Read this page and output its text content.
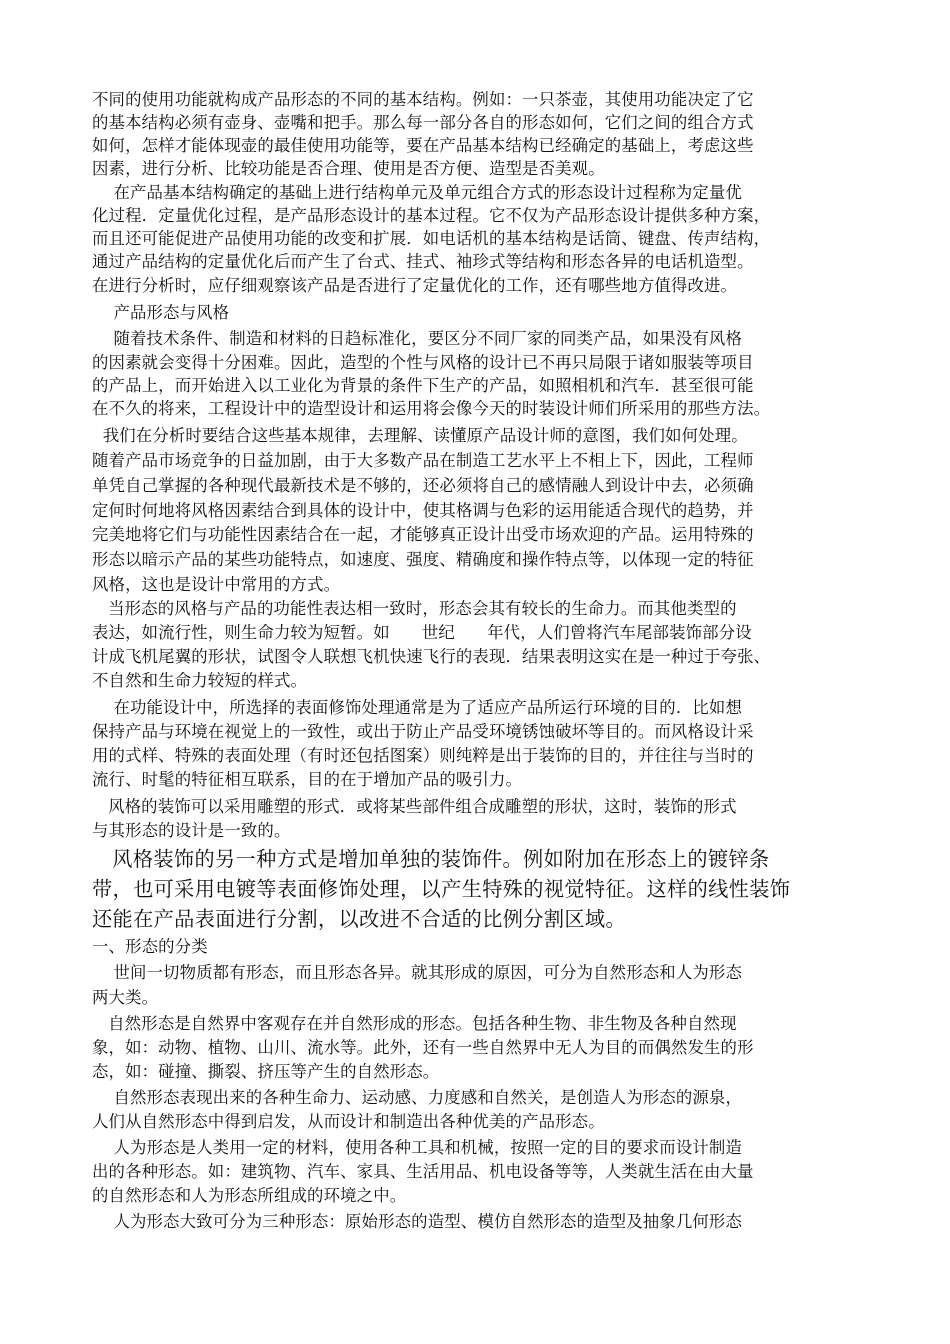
不同的使用功能就构成产品形态的不同的基本结构。例如：一只茶壶，其使用功能决定了它

的基本结构必须有壶身、壶嘴和把手。那么每一部分各自的形态如何，它们之间的组合方式

如何，怎样才能体现壶的最佳使用功能等，要在产品基本结构已经确定的基础上，考虑这些

因素，进行分析、比较功能是否合理、使用是否方便、造型是否美观。

在产品基本结构确定的基础上进行结构单元及单元组合方式的形态设计过程称为定量优

化过程．定量优化过程，是产品形态设计的基本过程。它不仅为产品形态设计提供多种方案，

而且还可能促进产品使用功能的改变和扩展．如电话机的基本结构是话筒、键盘、传声结构，

通过产品结构的定量优化后而产生了台式、挂式、袖珍式等结构和形态各异的电话机造型。

在进行分析时，应仔细观察该产品是否进行了定量优化的工作，还有哪些地方值得改进。

产品形态与风格

随着技术条件、制造和材料的日趋标准化，要区分不同厂家的同类产品，如果没有风格

的因素就会变得十分困难。因此，造型的个性与风格的设计已不再只局限于诸如服装等项目

的产品上，而开始进入以工业化为背景的条件下生产的产品，如照相机和汽车．甚至很可能

在不久的将来，工程设计中的造型设计和运用将会像今天的时装设计师们所采用的那些方法。

我们在分析时要结合这些基本规律，去理解、读懂原产品设计师的意图，我们如何处理。

随着产品市场竞争的日益加剧，由于大多数产品在制造工艺水平上不相上下，因此，工程师

单凭自己掌握的各种现代最新技术是不够的，还必须将自己的感情融人到设计中去，必须确

定何时何地将风格因素结合到具体的设计中，使其格调与色彩的运用能适合现代的趋势，并

完美地将它们与功能性因素结合在一起，才能够真正设计出受市场欢迎的产品。运用特殊的

形态以暗示产品的某些功能特点，如速度、强度、精确度和操作特点等，以体现一定的特征

风格，这也是设计中常用的方式。

当形态的风格与产品的功能性表达相一致时，形态会其有较长的生命力。而其他类型的

表达，如流行性，则生命力较为短暂。如      世纪      年代，人们曾将汽车尾部装饰部分设

计成飞机尾翼的形状，试图令人联想飞机快速飞行的表现．结果表明这实在是一种过于夸张、

不自然和生命力较短的样式。

在功能设计中，所选择的表面修饰处理通常是为了适应产品所运行环境的目的．比如想

保持产品与环境在视觉上的一致性，或出于防止产品受环境锈蚀破坏等目的。而风格设计采

用的式样、特殊的表面处理（有时还包括图案）则纯粹是出于装饰的目的，并往往与当时的

流行、时髦的特征相互联系，目的在于增加产品的吸引力。

风格的装饰可以采用雕塑的形式．或将某些部件组合成雕塑的形状，这时，装饰的形式

与其形态的设计是一致的。

风格装饰的另一种方式是增加单独的装饰件。例如附加在形态上的镀锌条

带，也可采用电镀等表面修饰处理，以产生特殊的视觉特征。这样的线性装饰

还能在产品表面进行分割，以改进不合适的比例分割区域。

一、形态的分类

世间一切物质都有形态，而且形态各异。就其形成的原因，可分为自然形态和人为形态

两大类。

自然形态是自然界中客观存在并自然形成的形态。包括各种生物、非生物及各种自然现

象，如：动物、植物、山川、流水等。此外，还有一些自然界中无人为目的而偶然发生的形

态，如：碰撞、撕裂、挤压等产生的自然形态。

自然形态表现出来的各种生命力、运动感、力度感和自然关，是创造人为形态的源泉，

人们从自然形态中得到启发，从而设计和制造出各种优美的产品形态。

人为形态是人类用一定的材料，使用各种工具和机械，按照一定的目的要求而设计制造

出的各种形态。如：建筑物、汽车、家具、生活用品、机电设备等等，人类就生活在由大量

的自然形态和人为形态所组成的环境之中。

人为形态大致可分为三种形态：原始形态的造型、模仿自然形态的造型及抽象几何形态
